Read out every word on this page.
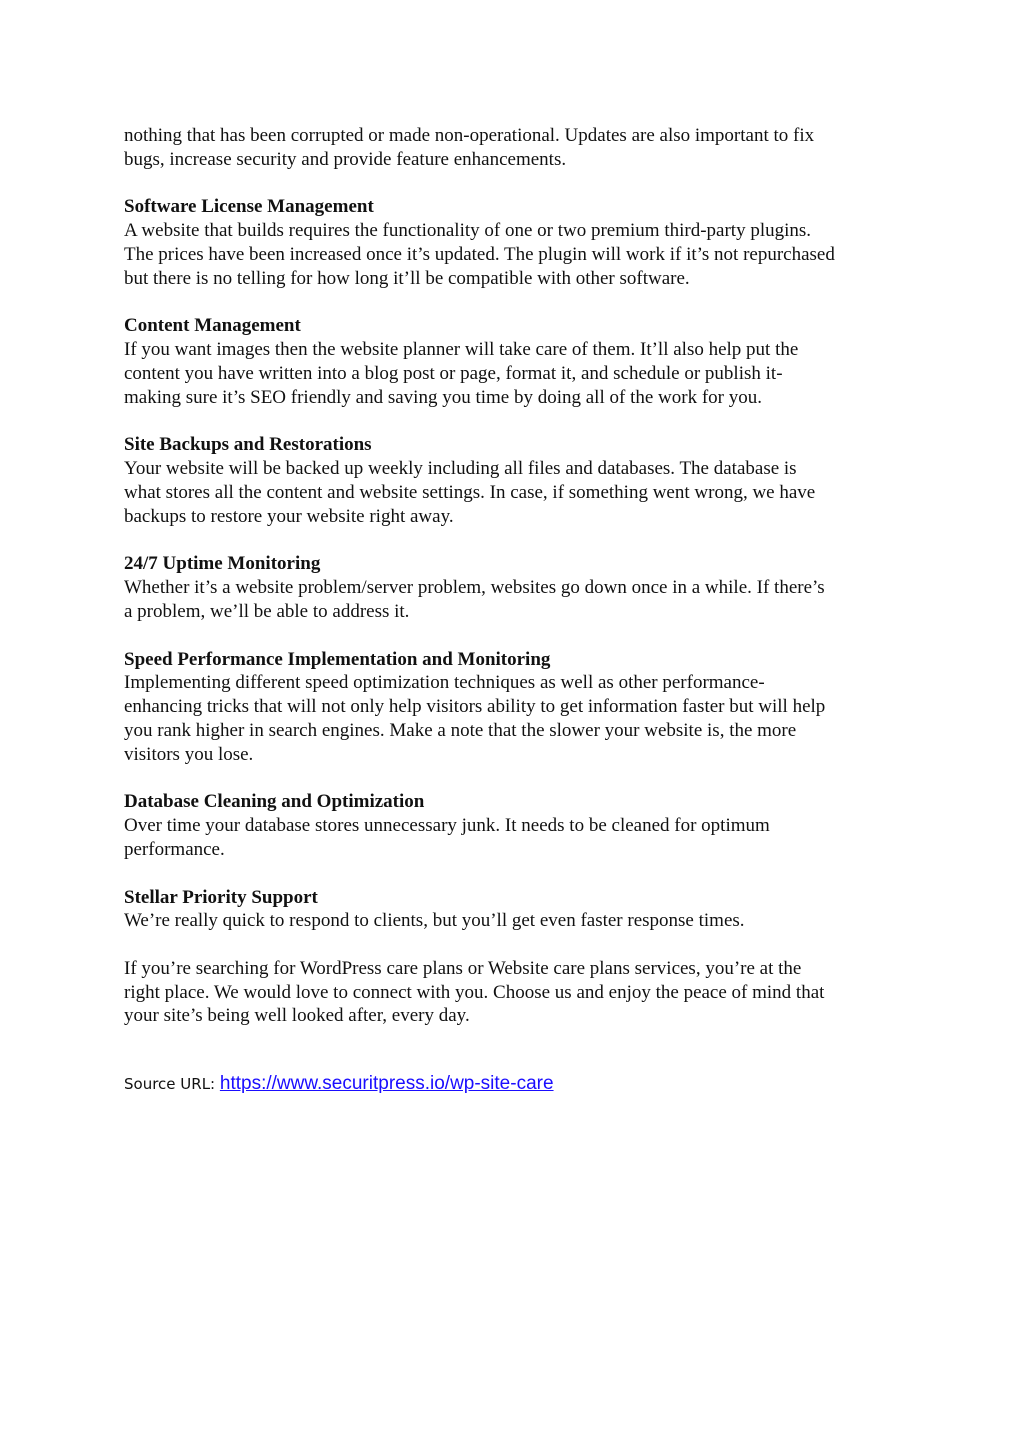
nothing that has been corrupted or made non-operational. Updates are also important to fix
bugs, increase security and provide feature enhancements.

Software License Management

A website that builds requires the functionality of one or two premium third-party plugins.
The prices have been increased once it’s updated. The plugin will work if it’s not repurchased
but there is no telling for how long it’ll be compatible with other software.

Content Management

If you want images then the website planner will take care of them. It’ll also help put the
content you have written into a blog post or page, format it, and schedule or publish it-
making sure it’s SEO friendly and saving you time by doing all of the work for you.

Site Backups and Restorations

Your website will be backed up weekly including all files and databases. The database is
what stores all the content and website settings. In case, if something went wrong, we have
backups to restore your website right away.

24/7 Uptime Monitoring

Whether it’s a website problem/server problem, websites go down once in a while. If there’s
a problem, we’ll be able to address it.

Speed Performance Implementation and Monitoring

Implementing different speed optimization techniques as well as other performance-
enhancing tricks that will not only help visitors ability to get information faster but will help
you rank higher in search engines. Make a note that the slower your website is, the more
visitors you lose.

Database Cleaning and Optimization

Over time your database stores unnecessary junk. It needs to be cleaned for optimum
performance.

Stellar Priority Support

We’re really quick to respond to clients, but you’ll get even faster response times.

If you’re searching for WordPress care plans or Website care plans services, you’re at the
right place. We would love to connect with you. Choose us and enjoy the peace of mind that
your site’s being well looked after, every day.

Source URL: https://www.securitpress.io/wp-site-care
